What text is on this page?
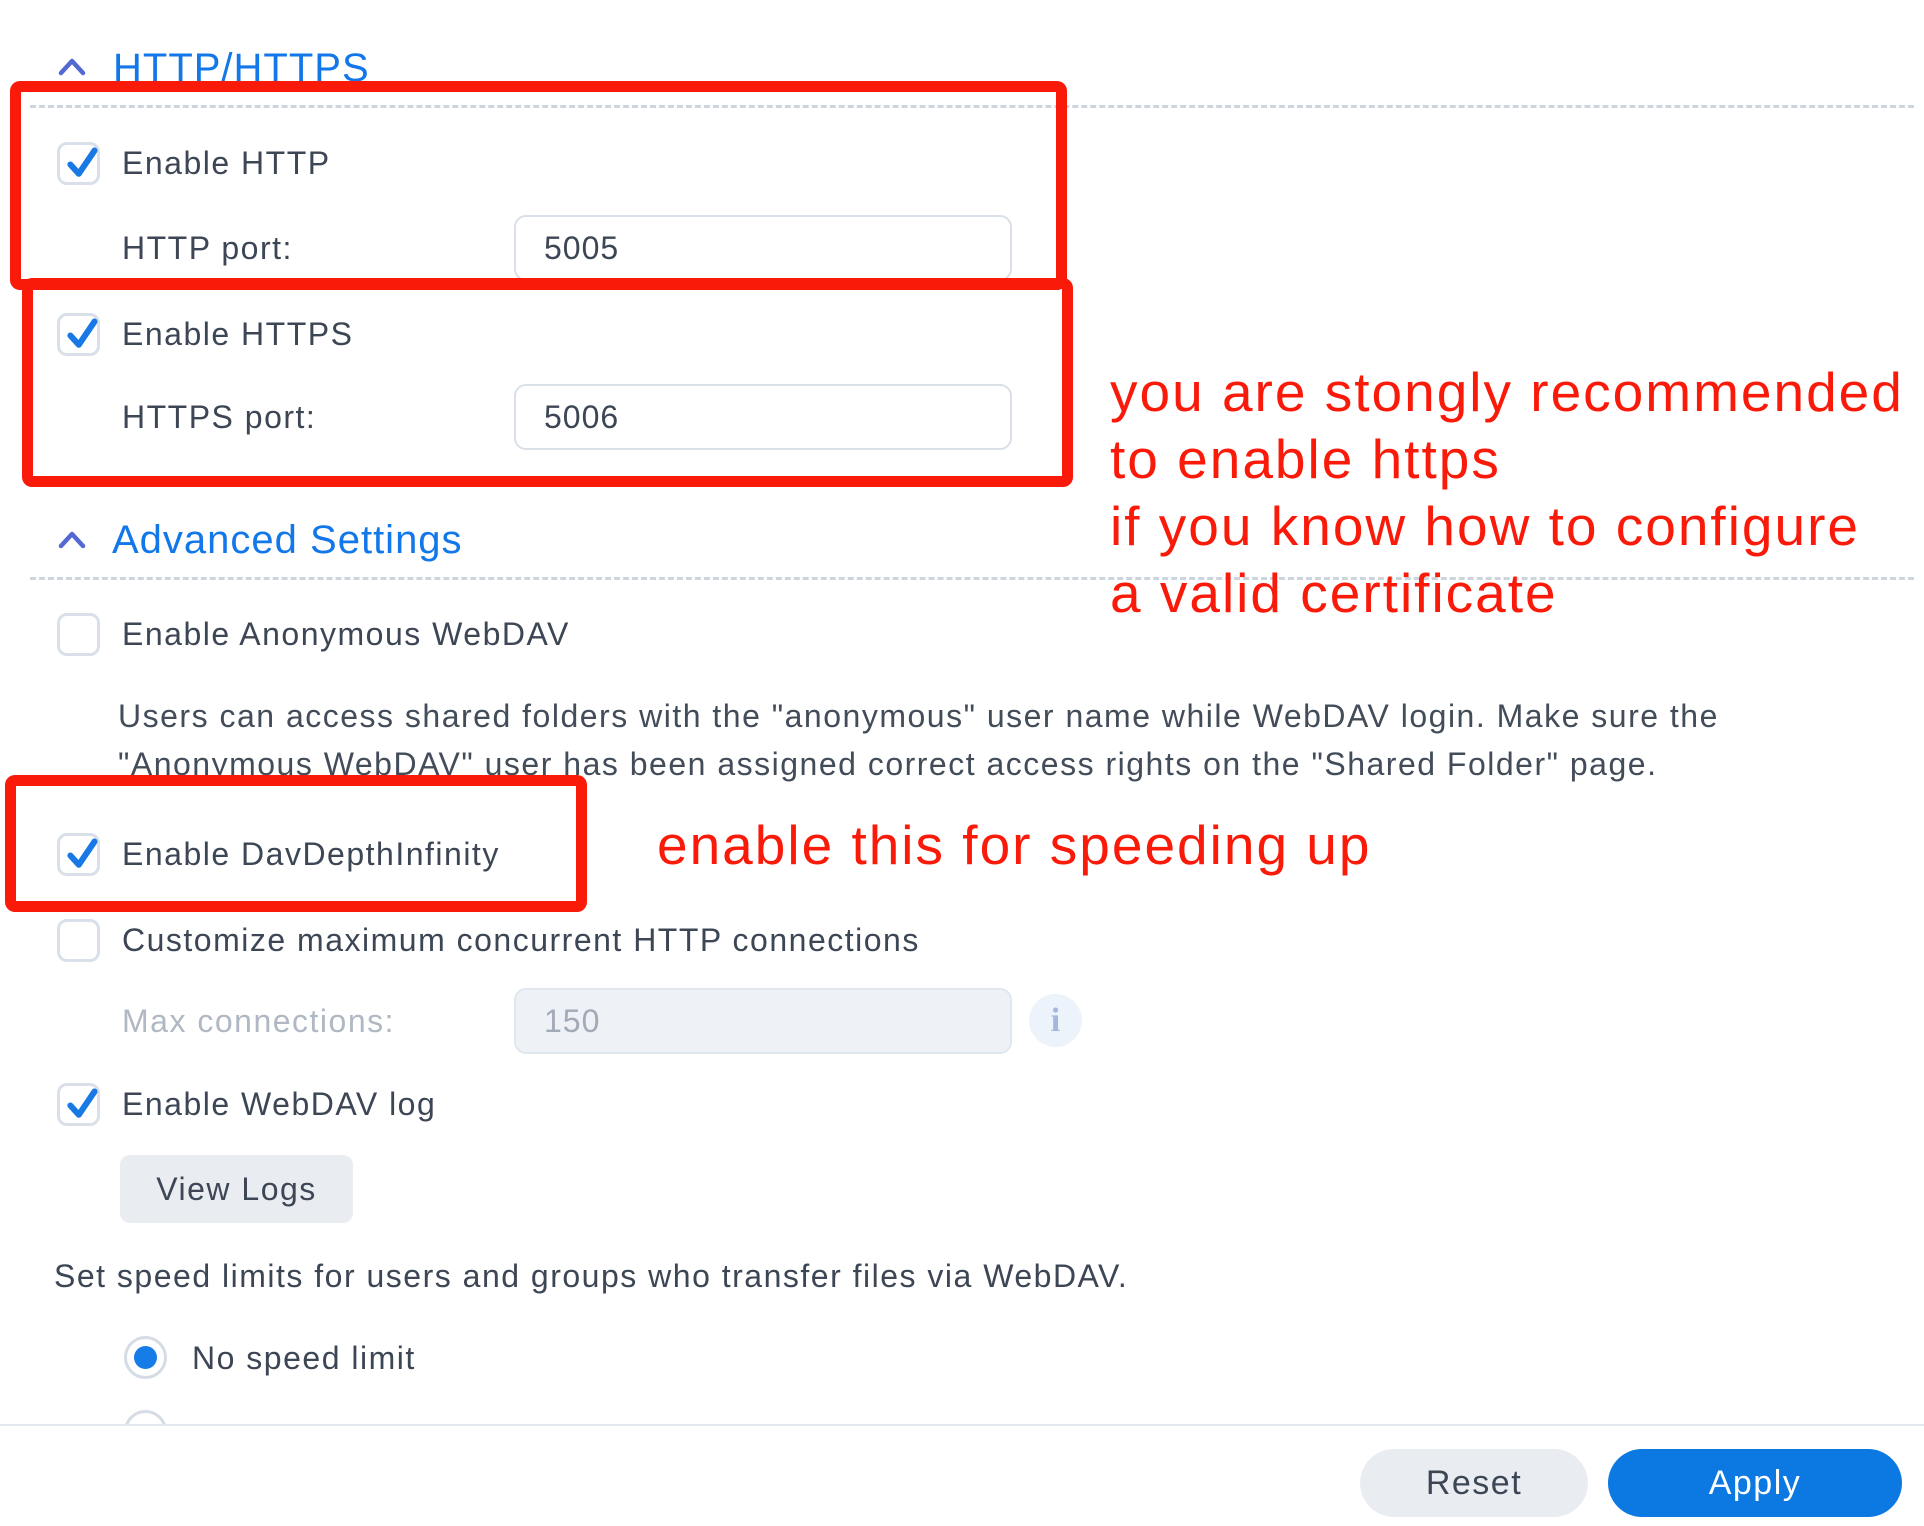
HTTP/HTTPS
Enable HTTP
HTTP port:
5005
Enable HTTPS
HTTPS port:
5006	you are stongly recommended
to enable https
if you know how to configure
a valid certificate
Advanced Settings
Enable Anonymous WebDAV
Users can access shared folders with the "anonymous" user name while WebDAV login. Make sure the
"Anonymous WebDAV" user has been assigned correct access rights on the "Shared Folder" page.
Enable DavDepthInfinity	enable this for speeding up
Customize maximum concurrent HTTP connections
Max connections:
150	i
Enable WebDAV log
View Logs
Set speed limits for users and groups who transfer files via WebDAV.
No speed limit
Reset	Apply
